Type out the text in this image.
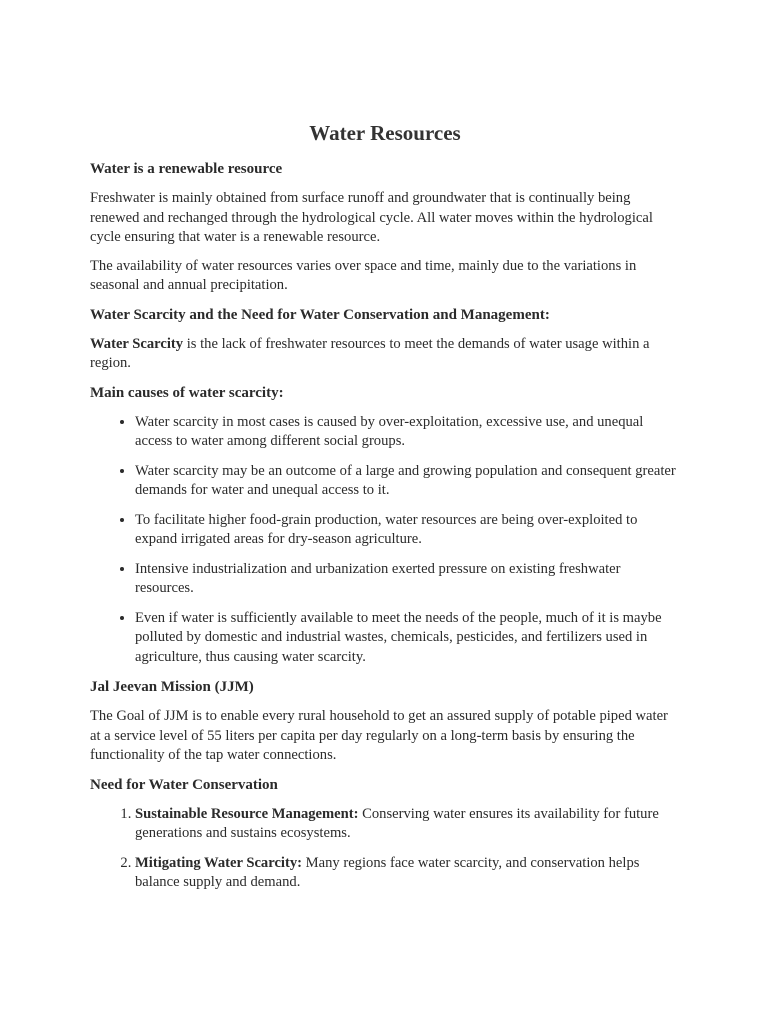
Water Resources
Water is a renewable resource

Freshwater is mainly obtained from surface runoff and groundwater that is continually being renewed and rechanged through the hydrological cycle. All water moves within the hydrological cycle ensuring that water is a renewable resource.

The availability of water resources varies over space and time, mainly due to the variations in seasonal and annual precipitation.

Water Scarcity and the Need for Water Conservation and Management:

Water Scarcity is the lack of freshwater resources to meet the demands of water usage within a region.

Main causes of water scarcity:
• Water scarcity in most cases is caused by over-exploitation, excessive use, and unequal access to water among different social groups.
• Water scarcity may be an outcome of a large and growing population and consequent greater demands for water and unequal access to it.
• To facilitate higher food-grain production, water resources are being over-exploited to expand irrigated areas for dry-season agriculture.
• Intensive industrialization and urbanization exerted pressure on existing freshwater resources.
• Even if water is sufficiently available to meet the needs of the people, much of it is maybe polluted by domestic and industrial wastes, chemicals, pesticides, and fertilizers used in agriculture, thus causing water scarcity.
Jal Jeevan Mission (JJM)

The Goal of JJM is to enable every rural household to get an assured supply of potable piped water at a service level of 55 liters per capita per day regularly on a long-term basis by ensuring the functionality of the tap water connections.

Need for Water Conservation
1. Sustainable Resource Management: Conserving water ensures its availability for future generations and sustains ecosystems.
2. Mitigating Water Scarcity: Many regions face water scarcity, and conservation helps balance supply and demand.
